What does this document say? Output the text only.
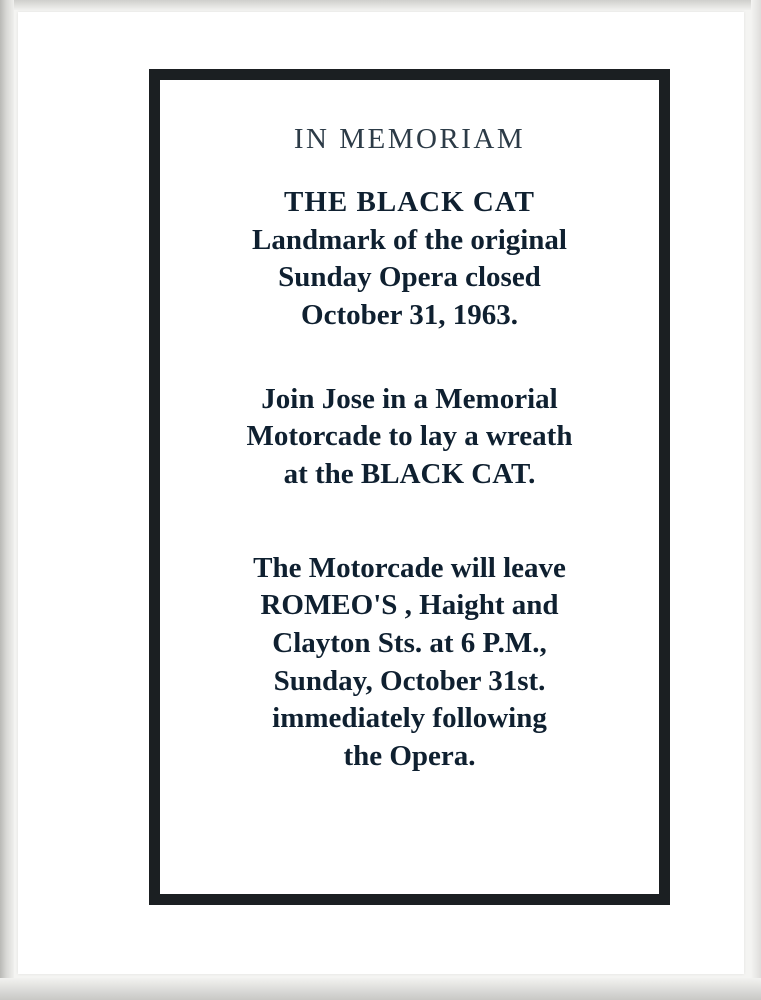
IN MEMORIAM
THE BLACK CAT
Landmark of the original
Sunday Opera closed
October 31, 1963.
Join Jose in a Memorial
Motorcade to lay a wreath
at the BLACK CAT.
The Motorcade will leave
ROMEO'S , Haight and
Clayton Sts. at 6 P.M.,
Sunday, October 31st.
immediately following
the Opera.
